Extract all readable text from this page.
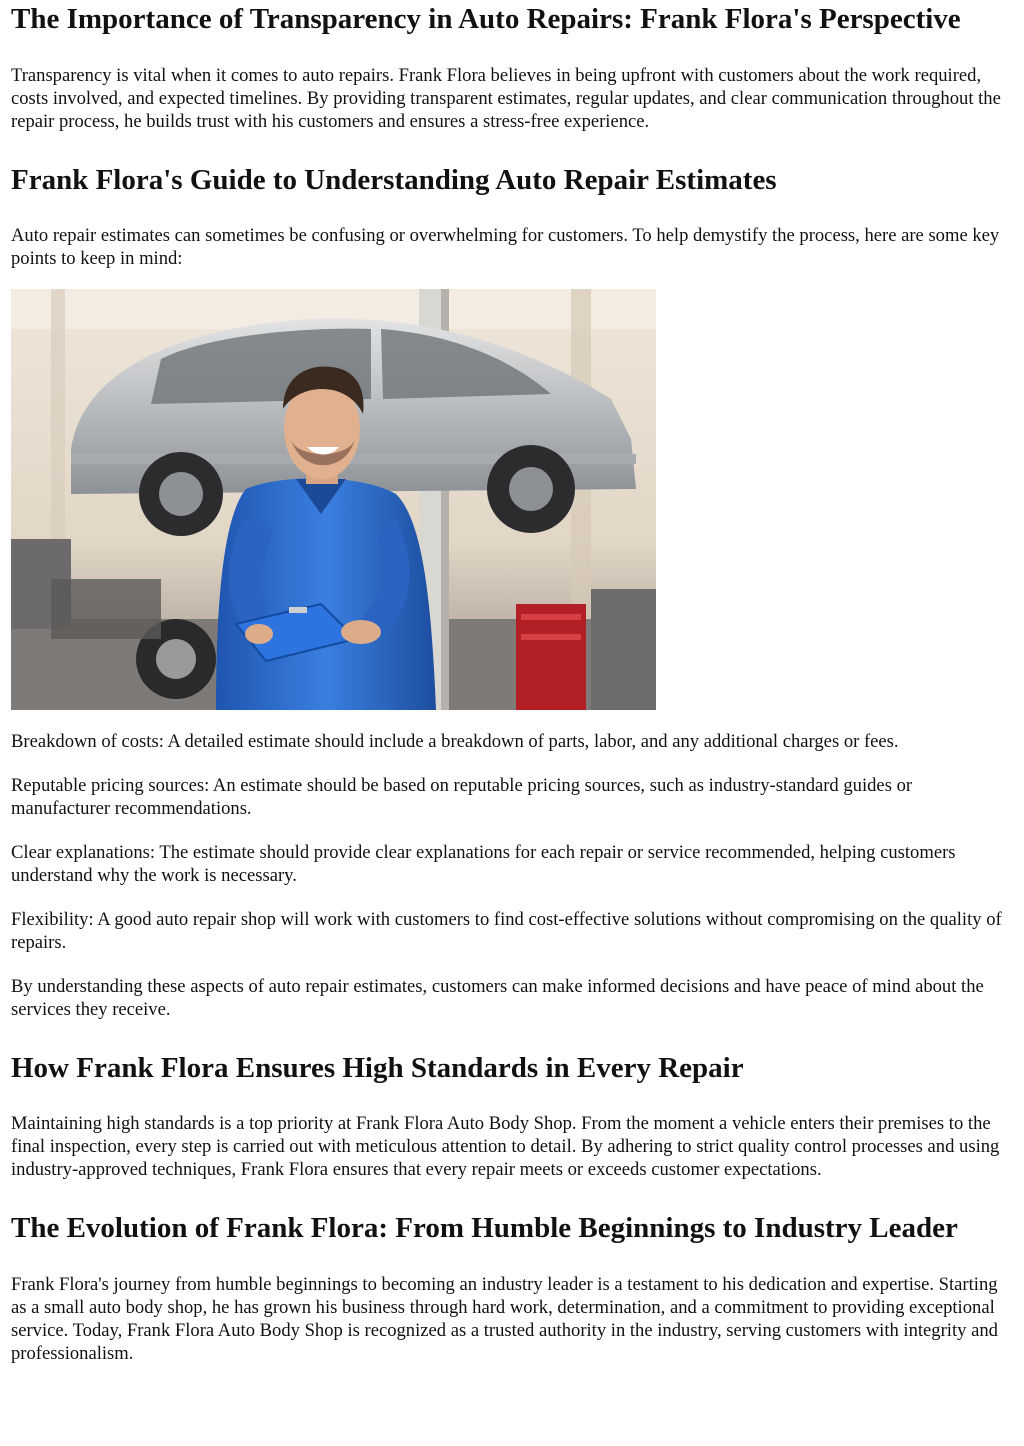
The Importance of Transparency in Auto Repairs: Frank Flora's Perspective

Transparency is vital when it comes to auto repairs. Frank Flora believes in being upfront with customers about the work required, costs involved, and expected timelines. By providing transparent estimates, regular updates, and clear communication throughout the repair process, he builds trust with his customers and ensures a stress-free experience.

Frank Flora's Guide to Understanding Auto Repair Estimates

Auto repair estimates can sometimes be confusing or overwhelming for customers. To help demystify the process, here are some key points to keep in mind:

Breakdown of costs: A detailed estimate should include a breakdown of parts, labor, and any additional charges or fees.

Reputable pricing sources: An estimate should be based on reputable pricing sources, such as industry-standard guides or manufacturer recommendations.

Clear explanations: The estimate should provide clear explanations for each repair or service recommended, helping customers understand why the work is necessary.

Flexibility: A good auto repair shop will work with customers to find cost-effective solutions without compromising on the quality of repairs.

By understanding these aspects of auto repair estimates, customers can make informed decisions and have peace of mind about the services they receive.

How Frank Flora Ensures High Standards in Every Repair

Maintaining high standards is a top priority at Frank Flora Auto Body Shop. From the moment a vehicle enters their premises to the final inspection, every step is carried out with meticulous attention to detail. By adhering to strict quality control processes and using industry-approved techniques, Frank Flora ensures that every repair meets or exceeds customer expectations.

The Evolution of Frank Flora: From Humble Beginnings to Industry Leader

Frank Flora's journey from humble beginnings to becoming an industry leader is a testament to his dedication and expertise. Starting as a small auto body shop, he has grown his business through hard work, determination, and a commitment to providing exceptional service. Today, Frank Flora Auto Body Shop is recognized as a trusted authority in the industry, serving customers with integrity and professionalism.
